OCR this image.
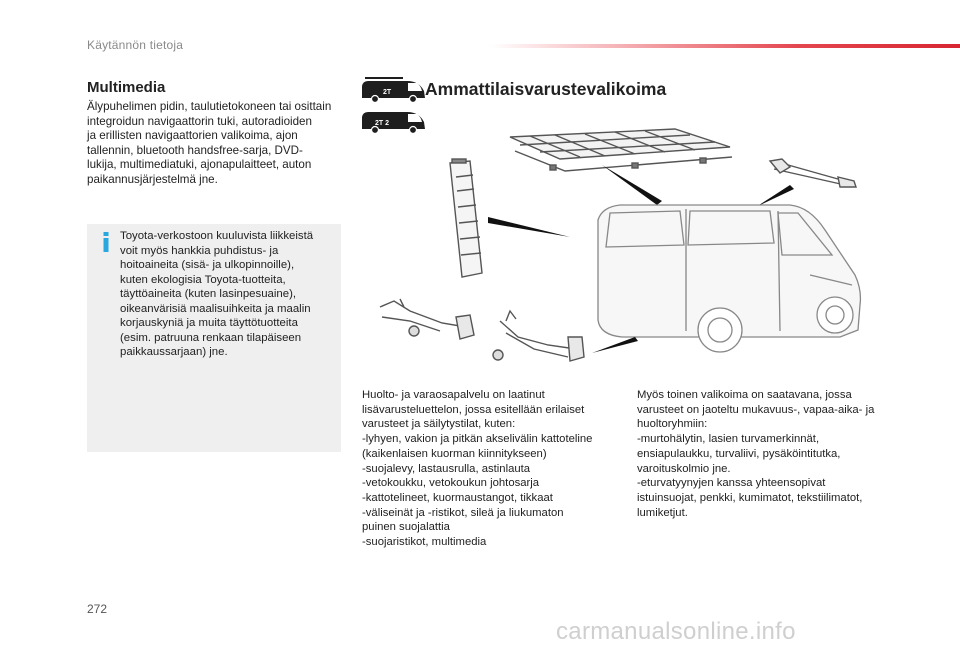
Käytännön tietoja
Multimedia
Älypuhelimen pidin, taulutietokoneen tai osittain
integroidun navigaattorin tuki, autoradioiden
ja erillisten navigaattorien valikoima, ajon
tallennin, bluetooth handsfree-sarja, DVD-
lukija, multimediatuki, ajonapulaitteet, auton
paikannusjärjestelmä jne.
Toyota-verkostoon kuuluvista liikkeistä
voit myös hankkia puhdistus- ja
hoitoaineita (sisä- ja ulkopinnoille),
kuten ekologisia Toyota-tuotteita,
täyttöaineita (kuten lasinpesuaine),
oikeanvärisiä maalisuihkeita ja maalin
korjauskyniä ja muita täyttötuotteita
(esim. patruuna renkaan tilapäiseen
paikkaussarjaan) jne.
2T
2T 2
Ammattilaisvarustevalikoima
Huolto- ja varaosapalvelu on laatinut
lisävarusteluettelon, jossa esitellään erilaiset
varusteet ja säilytystilat, kuten:
-lyhyen, vakion ja pitkän akselivälin kattoteline
(kaikenlaisen kuorman kiinnitykseen)
-suojalevy, lastausrulla, astinlauta
-vetokoukku, vetokoukun johtosarja
-kattotelineet, kuormaustangot, tikkaat
-väliseinät ja -ristikot, sileä ja liukumaton
puinen suojalattia
-suojaristikot, multimedia
Myös toinen valikoima on saatavana, jossa
varusteet on jaoteltu mukavuus-, vapaa-aika- ja
huoltoryhmiin:
-murtohälytin, lasien turvamerkinnät,
ensiapulaukku, turvaliivi, pysäköintitutka,
varoituskolmio jne.
-eturvatyynyjen kanssa yhteensopivat
istuinsuojat, penkki, kumimatot, tekstiilimatot,
lumiketjut.
272
carmanualsonline.info
